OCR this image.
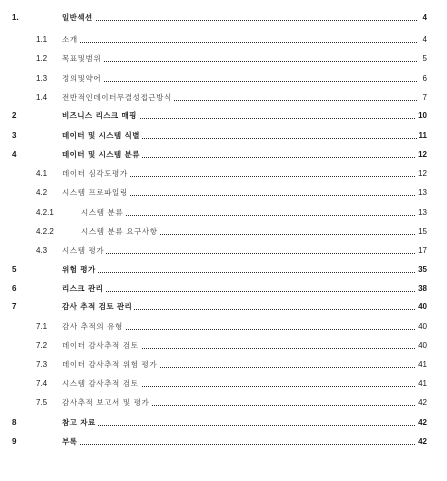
1.	일반섹션	4
1.1 소개	4
1.2 목표및범위	5
1.3 정의및약어	6
1.4 전반적인데이터무결성접근방식	7
2	비즈니스 리스크 매핑	10
3	데이터 및 시스템 식별	11
4	데이터 및 시스템 분류	12
4.1 데이터 심각도평가	12
4.2 시스템 프로파일링	13
4.2.1	시스템 분류	13
4.2.2	시스템 분류 요구사항	15
4.3 시스템 평가	17
5	위험 평가	35
6	리스크 관리	38
7	감사 추적 검토 관리	40
7.1 감사 추적의 유형	40
7.2 데이터 감사추적 검토	40
7.3 데이터 감사추적 위험 평가	41
7.4 시스템 감사추적 검토	41
7.5 감사추적 보고서 및 평가	42
8	참고 자료	42
9	부록	42
